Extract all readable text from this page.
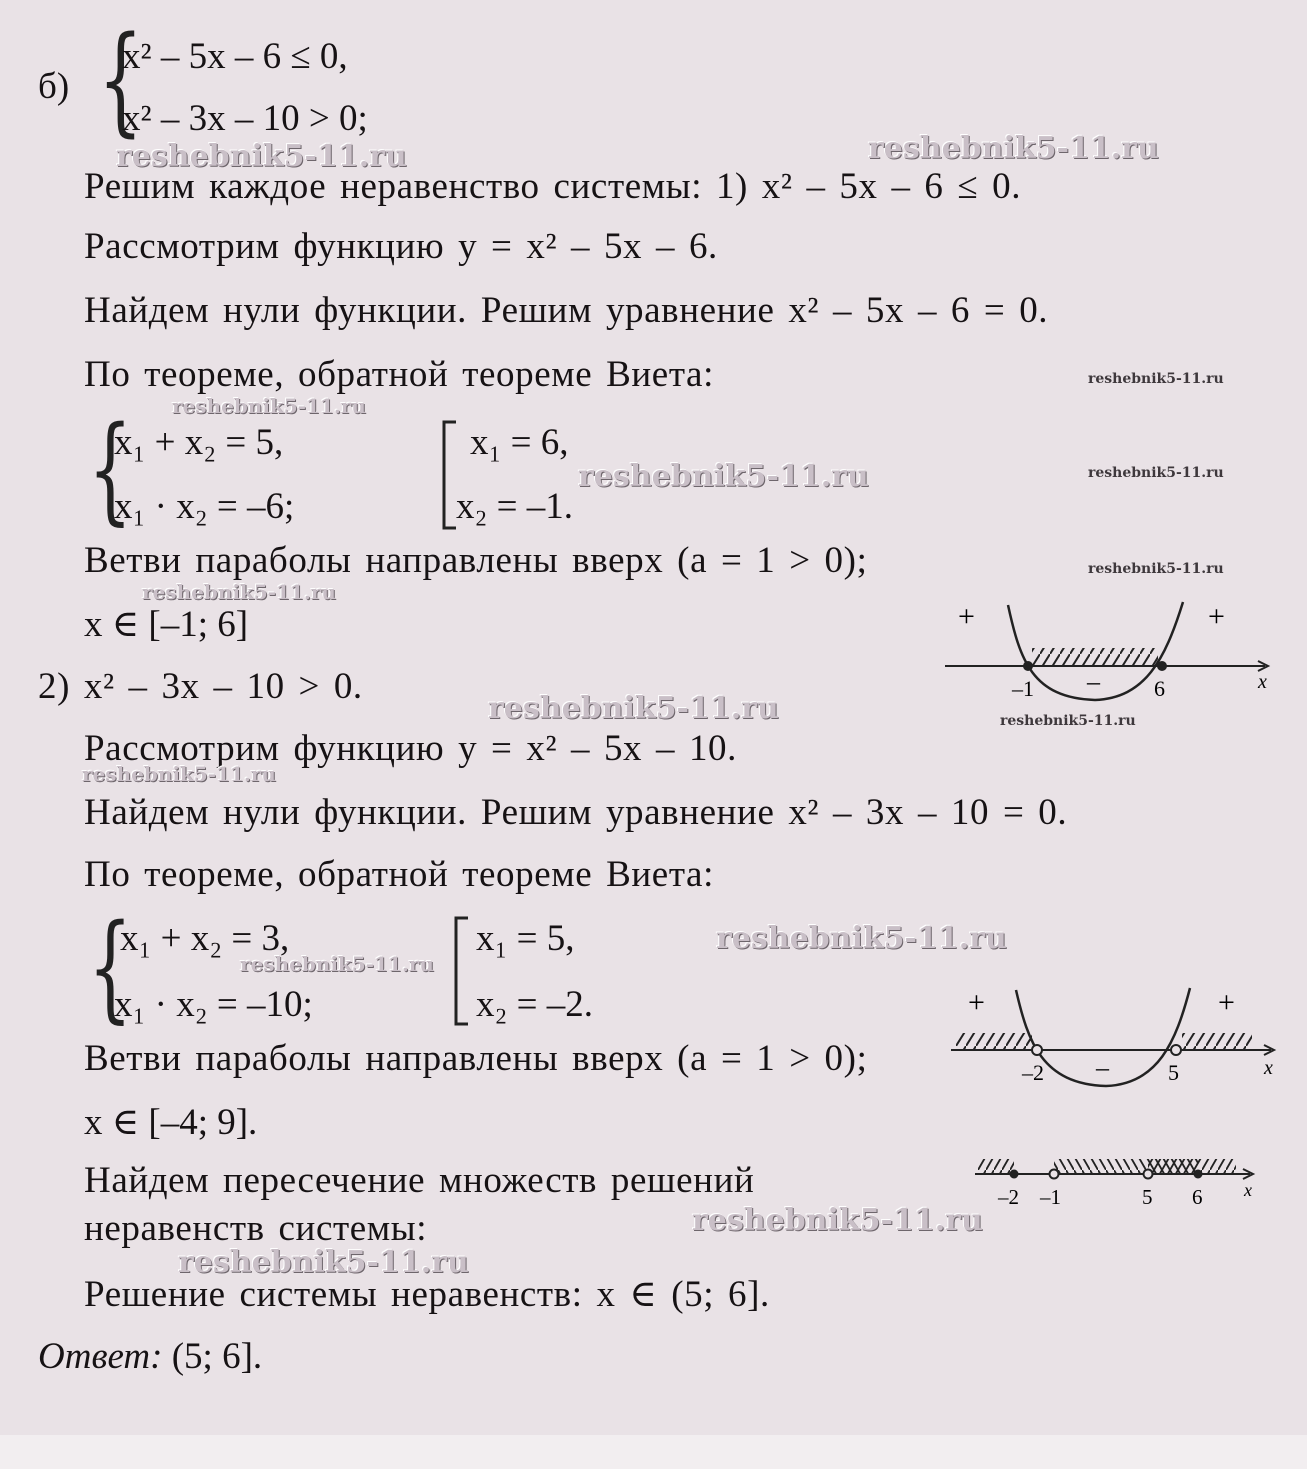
б) {
x² – 5x – 6 ≤ 0,
x² – 3x – 10 > 0;
Решим каждое неравенство системы: 1) x² – 5x – 6 ≤ 0.
Рассмотрим функцию y = x² – 5x – 6.
Найдем нули функции. Решим уравнение x² – 5x – 6 = 0.
По теореме, обратной теореме Виета:
{
x₁ + x₂ = 5,
x₁ · x₂ = –6;
x₁ = 6,
x₂ = –1.
Ветви параболы направлены вверх (a = 1 > 0);
x ∈ [–1; 6]
2) x² – 3x – 10 > 0.
Рассмотрим функцию y = x² – 5x – 10.
Найдем нули функции. Решим уравнение x² – 3x – 10 = 0.
По теореме, обратной теореме Виета:
{
x₁ + x₂ = 3,
x₁ · x₂ = –10;
x₁ = 5,
x₂ = –2.
Ветви параболы направлены вверх (a = 1 > 0);
x ∈ [–4; 9].
Найдем пересечение множеств решений
неравенств системы:
Решение системы неравенств: x ∈ (5; 6].
Ответ: (5; 6].
+	+
–
–1	6	x
+	+
–
–2	5	x
–2 –1	5 6 x
reshebnik5-11.ru	reshebnik5-11.ru
reshebnik5-11.ru
reshebnik5-11.ru
reshebnik5-11.ru
reshebnik5-11.ru
reshebnik5-11.ru
reshebnik5-11.ru
reshebnik5-11.ru	reshebnik5-11.ru
reshebnik5-11.ru
reshebnik5-11.ru
reshebnik5-11.ru
reshebnik5-11.ru
reshebnik5-11.ru
